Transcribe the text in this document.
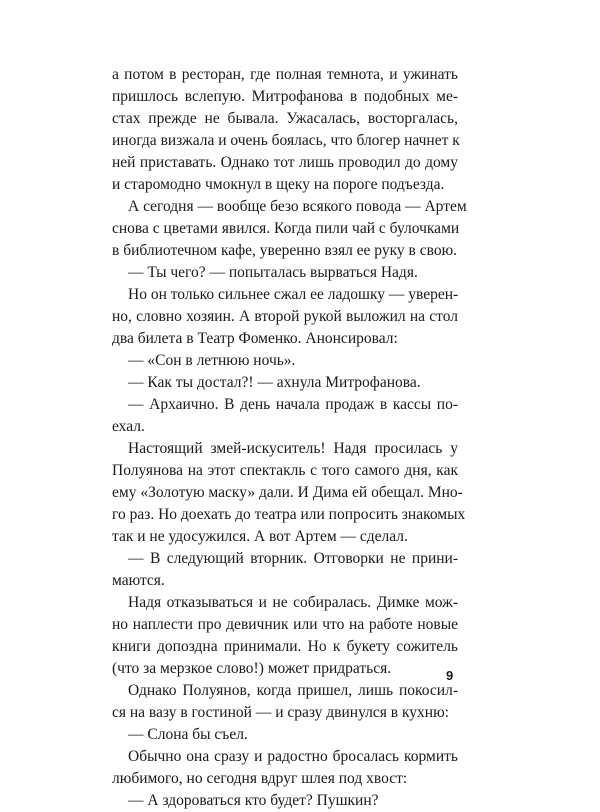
а потом в ресторан, где полная темнота, и ужинать
пришлось вслепую. Митрофанова в подобных ме-
стах прежде не бывала. Ужасалась, восторгалась,
иногда визжала и очень боялась, что блогер начнет к
ней приставать. Однако тот лишь проводил до дому
и старомодно чмокнул в щеку на пороге подъезда.
А сегодня — вообще безо всякого повода — Артем
снова с цветами явился. Когда пили чай с булочками
в библиотечном кафе, уверенно взял ее руку в свою.
— Ты чего? — попыталась вырваться Надя.
Но он только сильнее сжал ее ладошку — уверен-
но, словно хозяин. А второй рукой выложил на стол
два билета в Театр Фоменко. Анонсировал:
— «Сон в летнюю ночь».
— Как ты достал?! — ахнула Митрофанова.
— Архаично. В день начала продаж в кассы по-
ехал.
Настоящий змей-искуситель! Надя просилась у
Полуянова на этот спектакль с того самого дня, как
ему «Золотую маску» дали. И Дима ей обещал. Мно-
го раз. Но доехать до театра или попросить знакомых
так и не удосужился. А вот Артем — сделал.
— В следующий вторник. Отговорки не прини-
маются.
Надя отказываться и не собиралась. Димке мож-
но наплести про девичник или что на работе новые
книги допоздна принимали. Но к букету сожитель
(что за мерзкое слово!) может придраться.
Однако Полуянов, когда пришел, лишь покосил-
ся на вазу в гостиной — и сразу двинулся в кухню:
— Слона бы съел.
Обычно она сразу и радостно бросалась кормить
любимого, но сегодня вдруг шлея под хвост:
— А здороваться кто будет? Пушкин?
9
